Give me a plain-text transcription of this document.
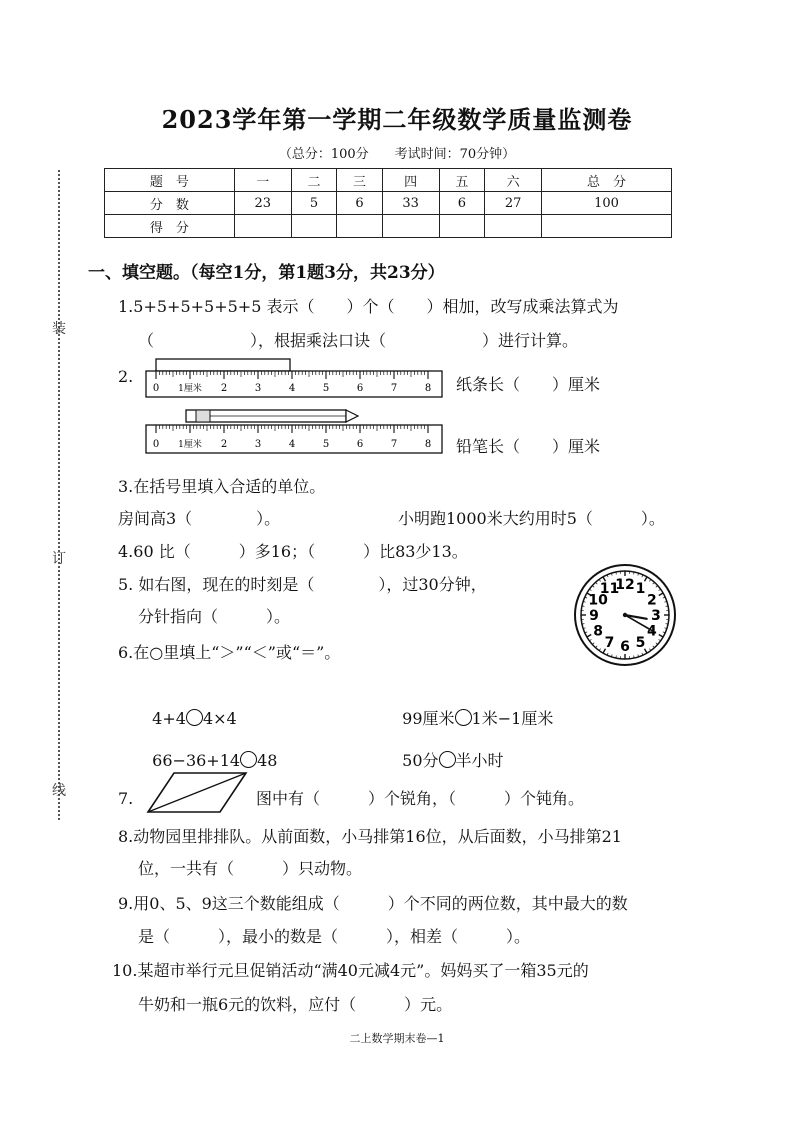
2023学年第一学期二年级数学质量监测卷
（总分：100分　　考试时间：70分钟）
题　号	一	二	三	四	五	六	总　分
分　数	23	5	6	33	6	27	100
得　分							
装
订
线
一、填空题。（每空1分，第1题3分，共23分）
1.5+5+5+5+5+5 表示（　　）个（　　）相加，改写成乘法算式为
（　　　　　　），根据乘法口诀（　　　　　　）进行计算。
2.
0 1厘米 2	3	4	5	6	7	8
0 1厘米 2	3	4	5	6	7	8
纸条长（　　）厘米
铅笔长（　　）厘米
3.在括号里填入合适的单位。
房间高3（　　　　）。	小明跑1000米大约用时5（　　　）。
4.60 比（　　　）多16；（　　　）比83少13。
5. 如右图，现在的时刻是（　　　　），过30分钟，
分针指向（　　　）。
12 1
2
3
4
5
6
7
8
9
10
11
6.在○里填上“＞”“＜”或“＝”。

4+4 4×4	99厘米 1米−1厘米

66−36+14 48	50分 半小时

7.	图中有（　　　）个锐角，（　　　）个钝角。
8.动物园里排排队。从前面数，小马排第16位，从后面数，小马排第21
位，一共有（　　　）只动物。
9.用0、5、9这三个数能组成（　　　）个不同的两位数，其中最大的数
是（　　　），最小的数是（　　　），相差（　　　）。
10.某超市举行元旦促销活动“满40元减4元”。妈妈买了一箱35元的
牛奶和一瓶6元的饮料，应付（　　　）元。
二上数学期末卷—1
